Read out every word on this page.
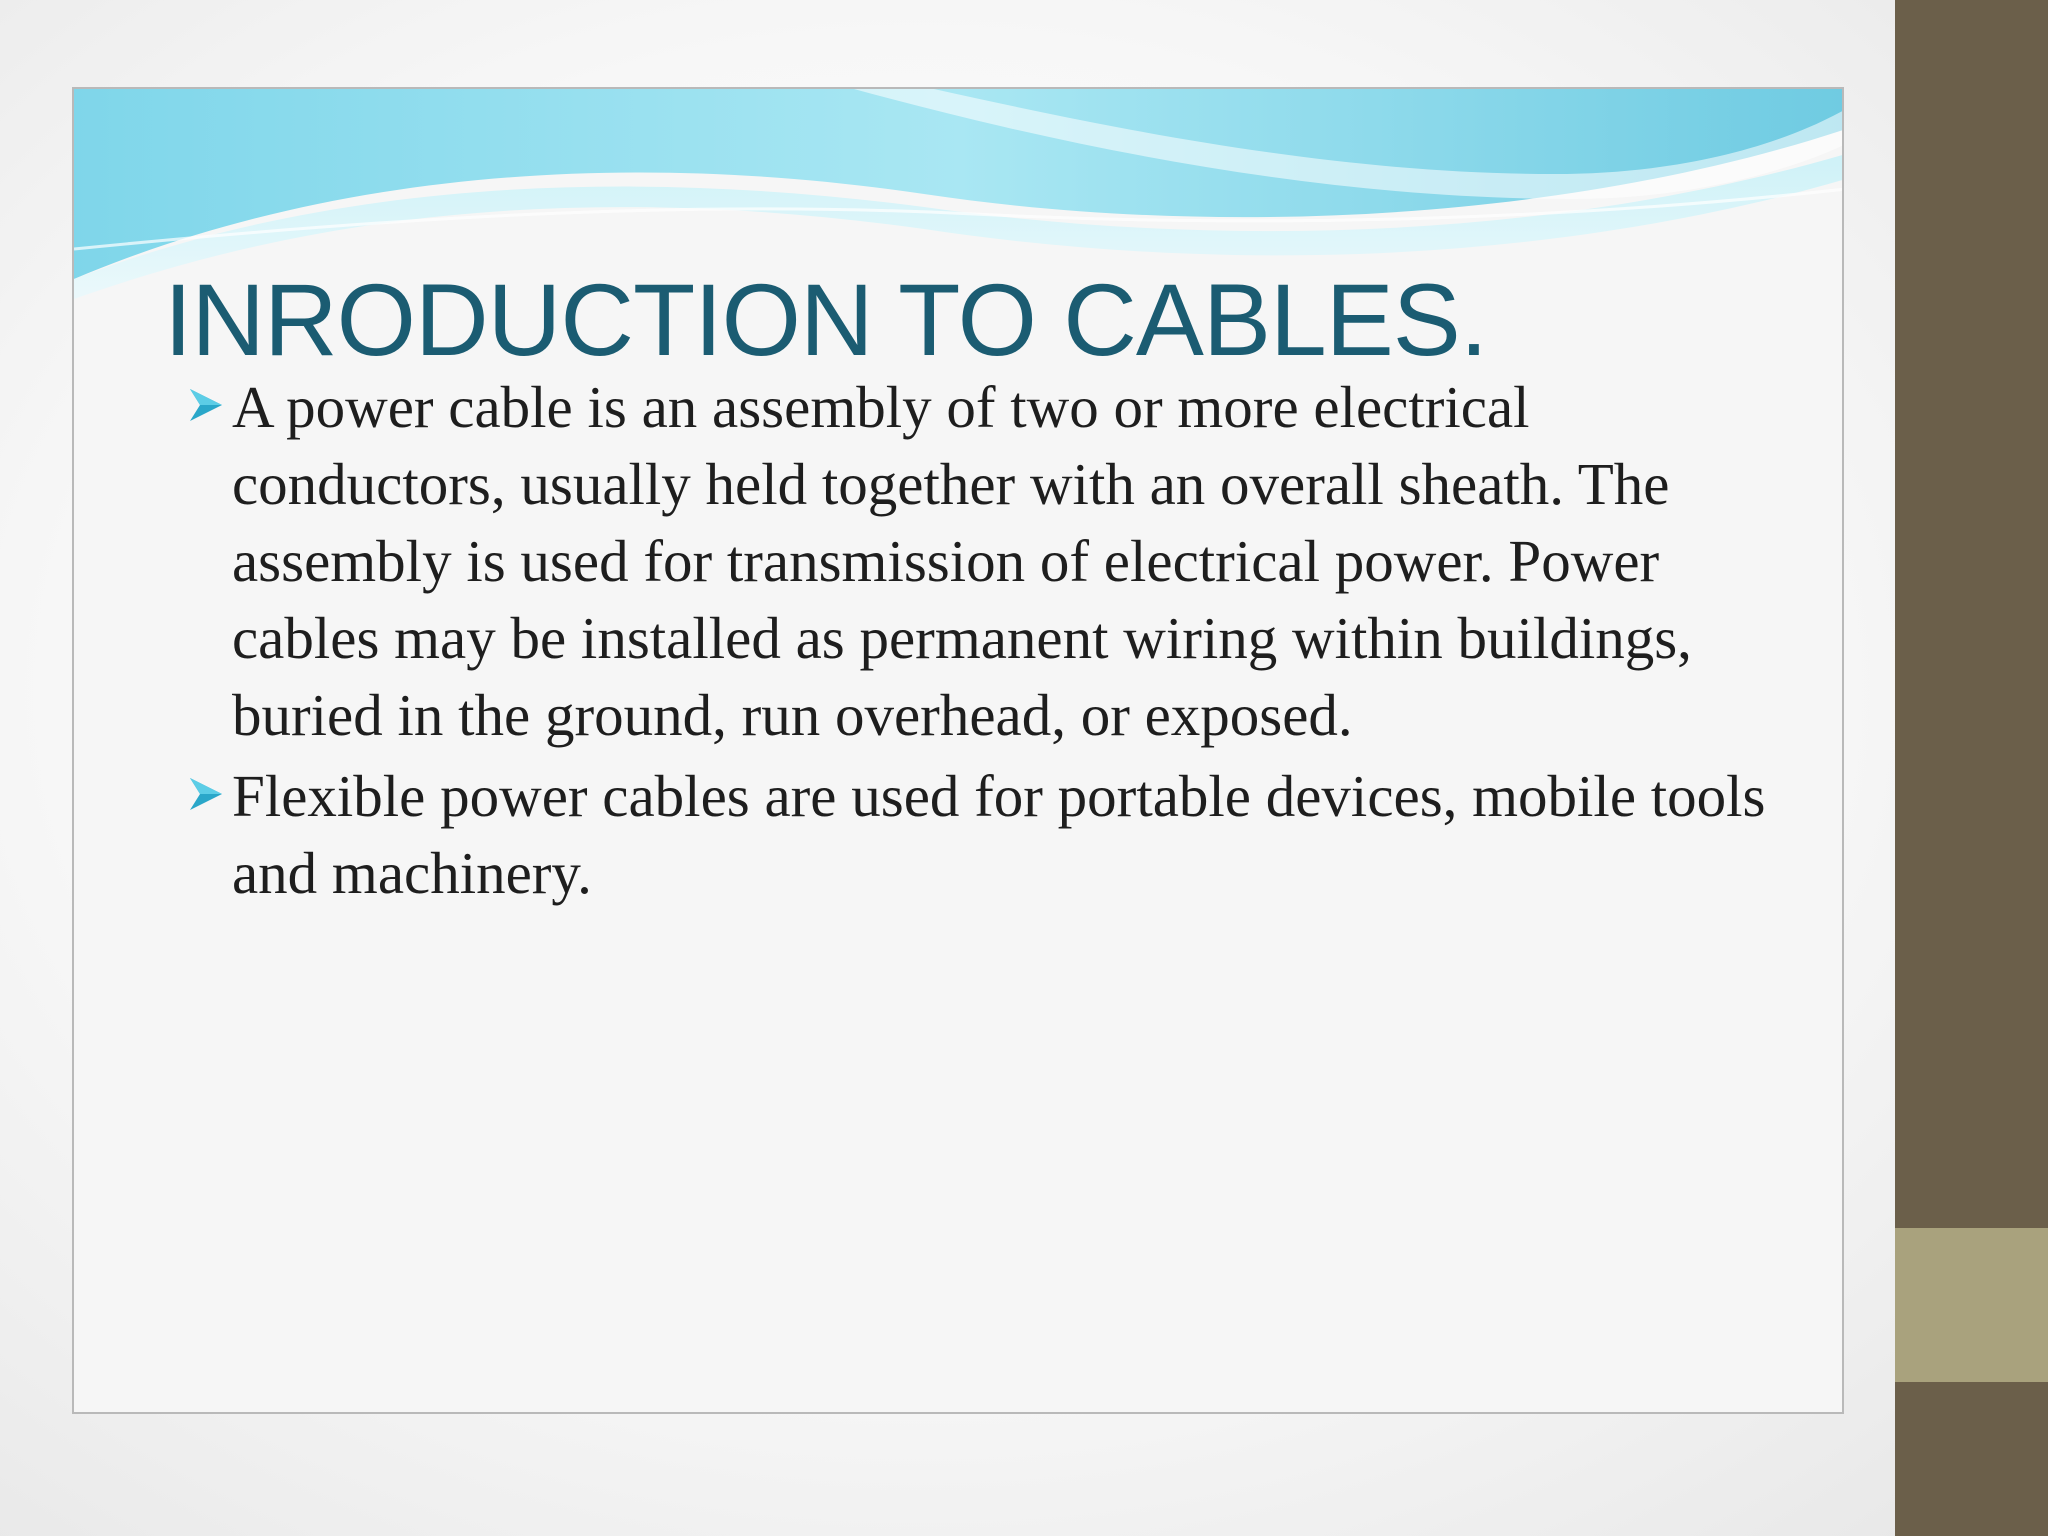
INRODUCTION TO CABLES.
A power cable is an assembly of two or more electrical conductors, usually held together with an overall sheath. The assembly is used for transmission of electrical power. Power cables may be installed as permanent wiring within buildings, buried in the ground, run overhead, or exposed.
Flexible power cables are used for portable devices, mobile tools and machinery.
